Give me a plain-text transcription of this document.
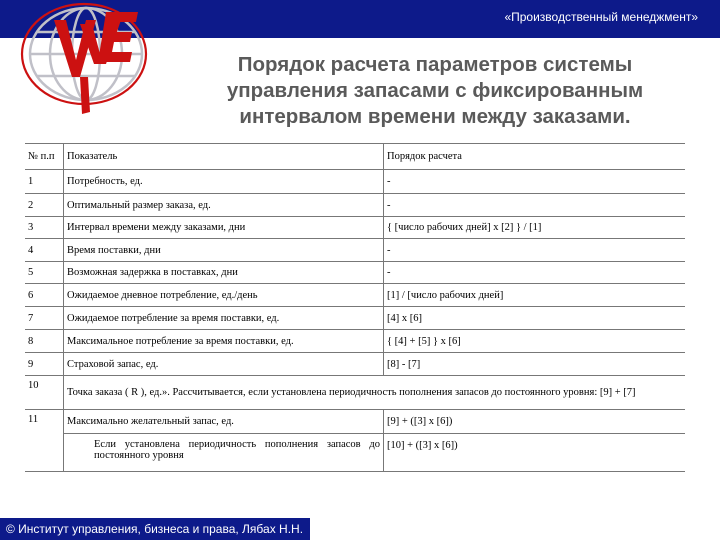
«Производственный менеджмент»
VVE
Порядок расчета параметров системы
управления запасами с фиксированным
интервалом времени между заказами.
№ п.п	Показатель	Порядок расчета
1	Потребность, ед.	-
2	Оптимальный размер заказа, ед.	-
3	Интервал времени между заказами, дни	{ [число рабочих дней] х [2] } / [1]
4	Время поставки, дни	-
5	Возможная задержка в поставках, дни	-
6	Ожидаемое дневное потребление, ед./день	[1] / [число рабочих дней]
7	Ожидаемое потребление за время поставки, ед.	[4] х [6]
8	Максимальное потребление за время поставки, ед.	{ [4] + [5] } х [6]
9	Страховой запас, ед.	[8] - [7]
10	Точка заказа ( R ), ед.». Рассчитывается, если установлена периодичность пополнения запасов до постоянного уровня: [9] + [7]	
11	Максимально желательный запас, ед.	[9] + ([3] х [6])
	Если установлена периодичность пополнения запасов до постоянного уровня	[10] + ([3] х [6])
© Институт управления, бизнеса и права, Лябах Н.Н.
